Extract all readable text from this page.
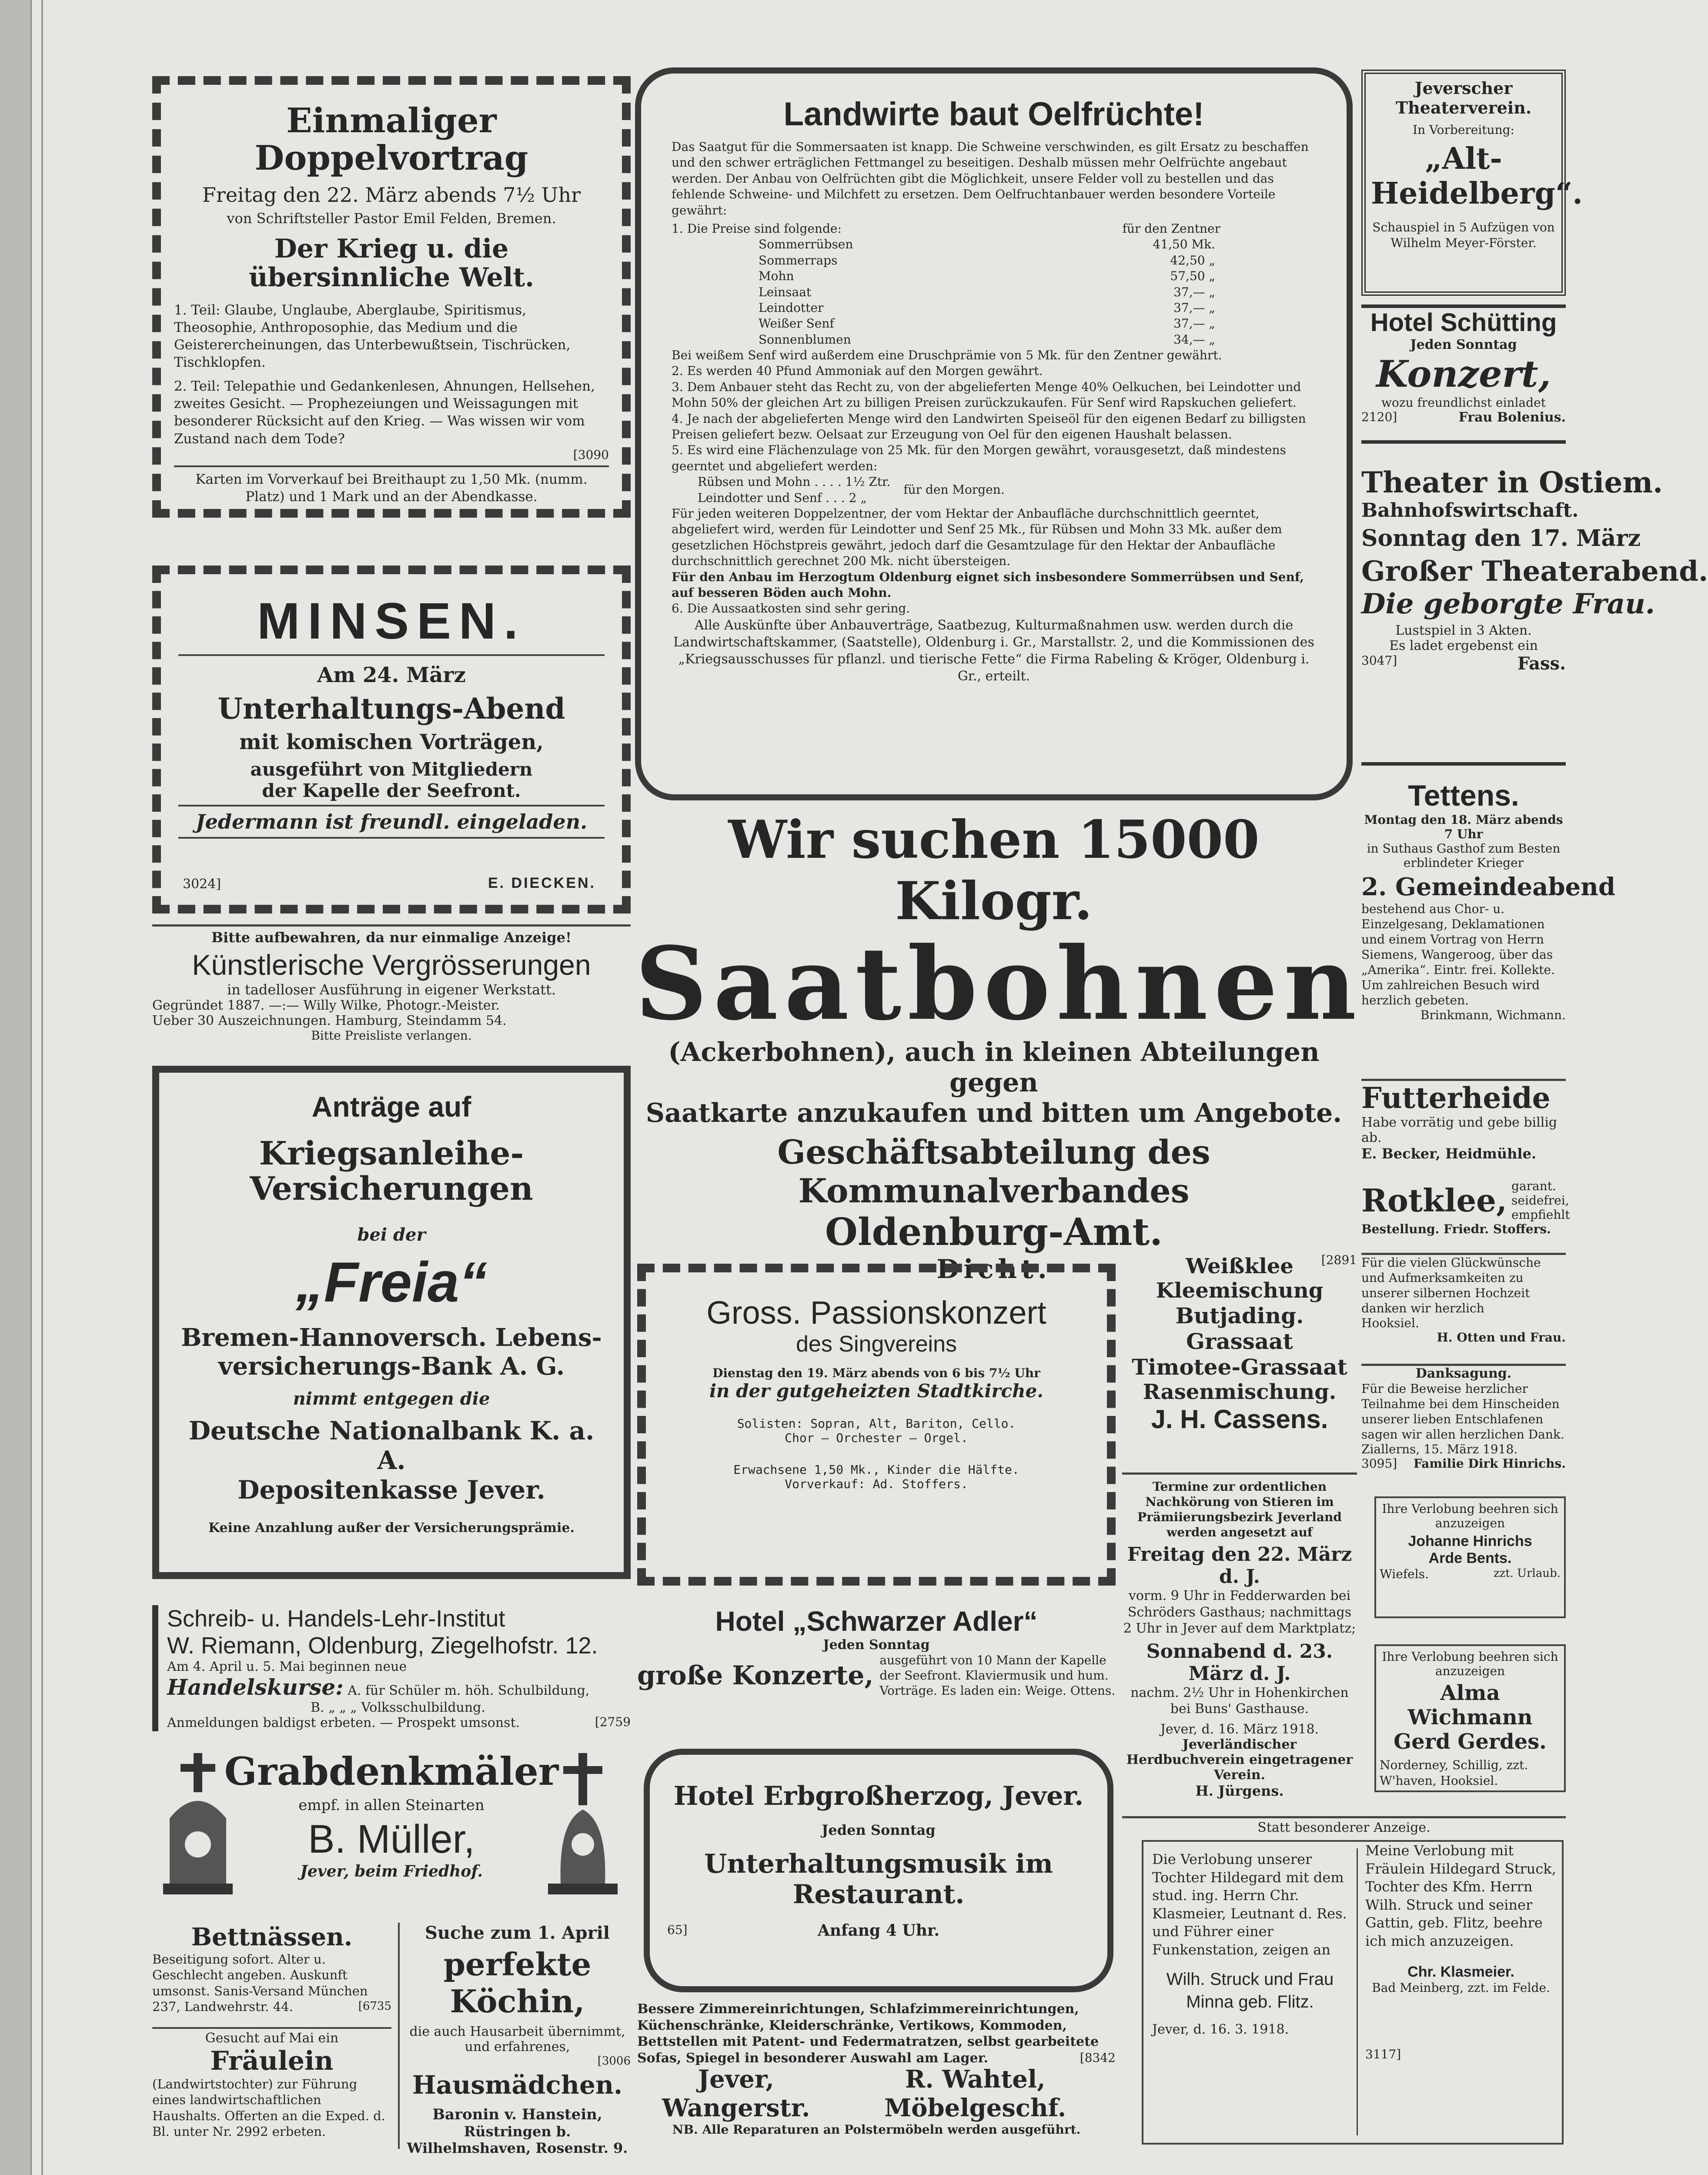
Einmaliger Doppelvortrag

Freitag den 22. März abends 7½ Uhr

von Schriftsteller Pastor Emil Felden, Bremen.

Der Krieg u. die übersinnliche Welt.

1. Teil: Glaube, Unglaube, Aberglaube, Spiritismus, Theosophie, Anthroposophie, das Medium und die Geisterercheinungen, das Unterbewußtsein, Tischrücken, Tischklopfen.

2. Teil: Telepathie und Gedankenlesen, Ahnungen, Hellsehen, zweites Gesicht. — Prophezeiungen und Weissagungen mit besonderer Rücksicht auf den Krieg. — Was wissen wir vom Zustand nach dem Tode?

[3090

Karten im Vorverkauf bei Breithaupt zu 1,50 Mk. (numm. Platz) und 1 Mark und an der Abendkasse.

MINSEN.

Am 24. März

Unterhaltungs-Abend

mit komischen Vorträgen,

ausgeführt von Mitgliedern

der Kapelle der Seefront.

Jedermann ist freundl. eingeladen.

3024]	E. DIECKEN.

Bitte aufbewahren, da nur einmalige Anzeige!

Künstlerische Vergrösserungen

in tadelloser Ausführung in eigener Werkstatt.

Gegründet 1887. —:— Willy Wilke, Photogr.-Meister.

Ueber 30 Auszeichnungen. Hamburg, Steindamm 54.

Bitte Preisliste verlangen.

Anträge auf

Kriegsanleihe-Versicherungen

bei der

„Freia“

Bremen-Hannoversch. Lebens-

versicherungs-Bank A. G.

nimmt entgegen die

Deutsche Nationalbank K. a. A.

Depositenkasse Jever.

Keine Anzahlung außer der Versicherungsprämie.

Schreib- u. Handels-Lehr-Institut

W. Riemann, Oldenburg, Ziegelhofstr. 12.

Am 4. April u. 5. Mai beginnen neue

Handelskurse: A. für Schüler m. höh. Schulbildung,

B. „ „ „ Volksschulbildung.

Anmeldungen baldigst erbeten. — Prospekt umsonst.	[2759

Grabdenkmäler

empf. in allen Steinarten

B. Müller,

Jever, beim Friedhof.

Bettnässen.

Beseitigung sofort. Alter u. Geschlecht angeben. Auskunft umsonst. Sanis-Versand München 237, Landwehrstr. 44.	[6735

Gesucht auf Mai ein

Fräulein

(Landwirtstochter) zur Führung eines landwirtschaftlichen Haushalts. Offerten an die Exped. d. Bl. unter Nr. 2992 erbeten.

Suche zum 1. April

perfekte Köchin,

die auch Hausarbeit übernimmt, und erfahrenes,

[3006

Hausmädchen.

Baronin v. Hanstein,

Rüstringen b. Wilhelmshaven, Rosenstr. 9.

Landwirte baut Oelfrüchte!

Das Saatgut für die Sommersaaten ist knapp. Die Schweine verschwinden, es gilt Ersatz zu beschaffen und den schwer erträglichen Fettmangel zu beseitigen. Deshalb müssen mehr Oelfrüchte angebaut werden. Der Anbau von Oelfrüchten gibt die Möglichkeit, unsere Felder voll zu bestellen und das fehlende Schweine- und Milchfett zu ersetzen. Dem Oelfruchtanbauer werden besondere Vorteile gewährt:

1. Die Preise sind folgende:	für den Zentner

Sommerrübsen	41,50 Mk.
Sommerraps	42,50 „
Mohn	57,50 „
Leinsaat	37,— „
Leindotter	37,— „
Weißer Senf	37,— „
Sonnenblumen	34,— „

Bei weißem Senf wird außerdem eine Druschprämie von 5 Mk. für den Zentner gewährt.

2. Es werden 40 Pfund Ammoniak auf den Morgen gewährt.

3. Dem Anbauer steht das Recht zu, von der abgelieferten Menge 40% Oelkuchen, bei Leindotter und Mohn 50% der gleichen Art zu billigen Preisen zurückzukaufen. Für Senf wird Rapskuchen geliefert.

4. Je nach der abgelieferten Menge wird den Landwirten Speiseöl für den eigenen Bedarf zu billigsten Preisen geliefert bezw. Oelsaat zur Erzeugung von Oel für den eigenen Haushalt belassen.

5. Es wird eine Flächenzulage von 25 Mk. für den Morgen gewährt, vorausgesetzt, daß mindestens geerntet und abgeliefert werden:

Rübsen und Mohn . . . . 1½ Ztr.

Leindotter und Senf . . . 2 „

für den Morgen.

Für jeden weiteren Doppelzentner, der vom Hektar der Anbaufläche durchschnittlich geerntet, abgeliefert wird, werden für Leindotter und Senf 25 Mk., für Rübsen und Mohn 33 Mk. außer dem gesetzlichen Höchstpreis gewährt, jedoch darf die Gesamtzulage für den Hektar der Anbaufläche durchschnittlich gerechnet 200 Mk. nicht übersteigen.

Für den Anbau im Herzogtum Oldenburg eignet sich insbesondere Sommerrübsen und Senf, auf besseren Böden auch Mohn.

6. Die Aussaatkosten sind sehr gering.

Alle Auskünfte über Anbauverträge, Saatbezug, Kulturmaßnahmen usw. werden durch die Landwirtschaftskammer, (Saatstelle), Oldenburg i. Gr., Marstallstr. 2, und die Kommissionen des „Kriegsausschusses für pflanzl. und tierische Fette“ die Firma Rabeling & Kröger, Oldenburg i. Gr., erteilt.

Wir suchen 15000 Kilogr.

Saatbohnen

(Ackerbohnen), auch in kleinen Abteilungen gegen

Saatkarte anzukaufen und bitten um Angebote.

Geschäftsabteilung des Kommunalverbandes

Oldenburg-Amt.

Dicht.

Gross. Passionskonzert

des Singvereins

Dienstag den 19. März abends von 6 bis 7½ Uhr

in der gutgeheizten Stadtkirche.

Solisten: Sopran, Alt, Bariton, Cello.

Chor — Orchester — Orgel.

Erwachsene 1,50 Mk., Kinder die Hälfte.

Vorverkauf: Ad. Stoffers.

Hotel „Schwarzer Adler“

Jeden Sonntag

große Konzerte, ausgeführt von 10 Mann der Kapelle der Seefront. Klaviermusik und hum. Vorträge. Es laden ein: Weige. Ottens.

Hotel Erbgroßherzog, Jever.

Jeden Sonntag

Unterhaltungsmusik im Restaurant.

65]	Anfang 4 Uhr.

Bessere Zimmereinrichtungen, Schlafzimmereinrichtungen, Küchenschränke, Kleiderschränke, Vertikows, Kommoden, Bettstellen mit Patent- und Federmatratzen, selbst gearbeitete Sofas, Spiegel in besonderer Auswahl am Lager.	[8342

Jever, Wangerstr.

R. Wahtel, Möbelgeschf.

NB. Alle Reparaturen an Polstermöbeln werden ausgeführt.

[2891

Weißklee

Kleemischung

Butjading. Grassaat

Timotee-Grassaat

Rasenmischung.

J. H. Cassens.

Termine zur ordentlichen Nachkörung von Stieren im Prämiierungsbezirk Jeverland werden angesetzt auf

Freitag den 22. März d. J.

vorm. 9 Uhr in Fedderwarden bei Schröders Gasthaus; nachmittags 2 Uhr in Jever auf dem Marktplatz;

Sonnabend d. 23. März d. J.

nachm. 2½ Uhr in Hohenkirchen bei Buns' Gasthause.

Jever, d. 16. März 1918.

Jeverländischer Herdbuchverein eingetragener Verein.

H. Jürgens.

Statt besonderer Anzeige.

Die Verlobung unserer Tochter Hildegard mit dem stud. ing. Herrn Chr. Klasmeier, Leutnant d. Res. und Führer einer Funkenstation, zeigen an

Wilh. Struck und Frau Minna geb. Flitz.

Jever, d. 16. 3. 1918.

Meine Verlobung mit Fräulein Hildegard Struck, Tochter des Kfm. Herrn Wilh. Struck und seiner Gattin, geb. Flitz, beehre ich mich anzuzeigen.

Chr. Klasmeier.

Bad Meinberg, zzt. im Felde.

3117]

Jeverscher Theaterverein.

In Vorbereitung:

„Alt-Heidelberg“.

Schauspiel in 5 Aufzügen von Wilhelm Meyer-Förster.

Hotel Schütting

Jeden Sonntag

Konzert,

wozu freundlichst einladet

2120]	Frau Bolenius.

Theater in Ostiem.

Bahnhofswirtschaft.

Sonntag den 17. März

Großer Theaterabend.

Die geborgte Frau.

Lustspiel in 3 Akten.

Es ladet ergebenst ein

3047]	Fass.

Tettens.

Montag den 18. März abends 7 Uhr

in Suthaus Gasthof zum Besten erblindeter Krieger

2. Gemeindeabend

bestehend aus Chor- u. Einzelgesang, Deklamationen und einem Vortrag von Herrn Siemens, Wangeroog, über das „Amerika“. Eintr. frei. Kollekte. Um zahlreichen Besuch wird herzlich gebeten.

Brinkmann, Wichmann.

Futterheide

Habe vorrätig und gebe billig ab.

E. Becker, Heidmühle.

Rotklee, garant. seidefrei, empfiehlt

Bestellung. Friedr. Stoffers.

Für die vielen Glückwünsche und Aufmerksamkeiten zu unserer silbernen Hochzeit danken wir herzlich

Hooksiel.

H. Otten und Frau.

Danksagung.

Für die Beweise herzlicher Teilnahme bei dem Hinscheiden unserer lieben Entschlafenen sagen wir allen herzlichen Dank.

Ziallerns, 15. März 1918.

3095] Familie Dirk Hinrichs.

Ihre Verlobung beehren sich anzuzeigen

Johanne Hinrichs

Arde Bents.

Wiefels.	zzt. Urlaub.

Ihre Verlobung beehren sich anzuzeigen

Alma Wichmann

Gerd Gerdes.

Norderney, Schillig, zzt. W'haven, Hooksiel.
